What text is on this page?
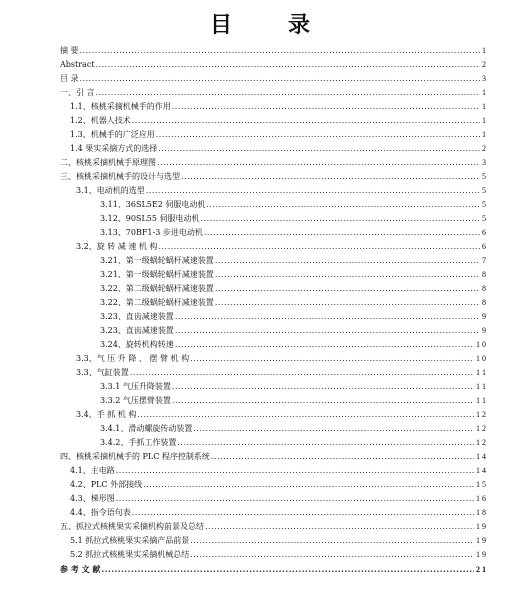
目	录
摘 要 .....	1
Abstract .....	2
目 录 .....	3
一、引 言 .....	1
1.1、核桃采摘机械手的作用 .....	1
1.2、机器人技术 .....	1
1.3、机械手的广泛应用 .....	1
1.4 果实采摘方式的选择 .....	2
二、核桃采摘机械手原理图 .....	3
三、核桃采摘机械手的设计与选型 .....	5
3.1、电动机的选型 .....	5
3.11、36SL5E2 伺服电动机 .....	5
3.12、90SL55 伺服电动机 .....	5
3.13、70BF1-3 步进电动机 .....	6
3.2、旋 转 减 速 机 构 .....	6
3.21、第一级蜗轮蜗杆减速装置 .....	7
3.21、第一级蜗轮蜗杆减速装置 .....	8
3.22、第二级蜗轮蜗杆减速装置 .....	8
3.22、第二级蜗轮蜗杆减速装置 .....	8
3.23、直齿减速装置 .....	9
3.23、直齿减速装置 .....	9
3.24、旋转机构转速 .....	1 0
3.3、气 压 升 降 、 摆 臂 机 构 .....	1 0
3.3、气缸装置 .....	1 1
3.3.1 气压升降装置 .....	1 1
3.3.2 气压摆臂装置 .....	1 1
3.4、手 抓 机 构 .....	1 2
3.4.1、滑动螺旋传动装置 .....	1 2
3.4.2、手抓工作装置 .....	1 2
四、核桃采摘机械手的 PLC 程序控制系统 .....	1 4
4.1、主电路 .....	1 4
4.2、PLC 外部接线 .....	1 5
4.3、梯形图 .....	1 6
4.4、指令语句表 .....	1 8
五、抓拉式核桃果实采摘机构前景及总结 .....	1 9
5.1 抓拉式核桃果实采摘产品前景 .....	1 9
5.2 抓拉式核桃果实采摘机械总结 .....	1 9
参 考 文 献 .....	2 1
